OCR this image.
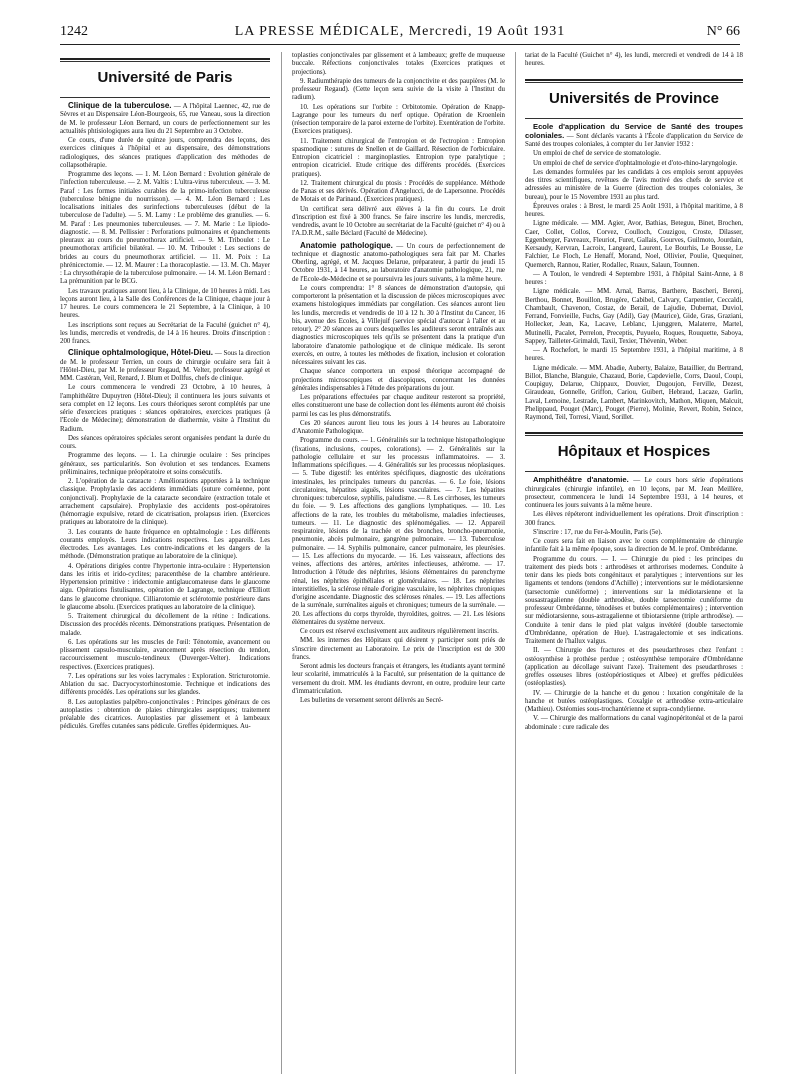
1242	LA PRESSE MÉDICALE, Mercredi, 19 Août 1931	N° 66
Université de Paris

Clinique de la tuberculose. — A l'hôpital Laennec, 42, rue de Sèvres et au Dispensaire Léon-Bourgeois, 65, rue Vaneau, sous la direction de M. le professeur Léon Bernard, un cours de perfectionnement sur les actualités phtisiologiques aura lieu du 21 Septembre au 3 Octobre.

Ce cours, d'une durée de quinze jours, comprendra des leçons, des exercices cliniques à l'hôpital et au dispensaire, des démonstrations radiologiques, des séances pratiques d'application des méthodes de collapsothérapie.

Programme des leçons. — 1. M. Léon Bernard : Evolution générale de l'infection tuberculeuse. — 2. M. Valtis : L'ultra-virus tuberculeux. — 3. M. Paraf : Les formes initiales curables de la primo-infection tuberculeuse (tuberculose bénigne du nourrisson). — 4. M. Léon Bernard : Les localisations initiales des surinfections tuberculeuses (début de la tuberculose de l'adulte). — 5. M. Lamy : Le problème des granulies. — 6. M. Paraf : Les pneumonies tuberculeuses. — 7. M. Marie : Le lipiodo-diagnostic. — 8. M. Pellissier : Perforations pulmonaires et épanchements pleuraux au cours du pneumothorax artificiel. — 9. M. Triboulet : Le pneumothorax artificiel bilatéral. — 10. M. Triboulet : Les sections de brides au cours du pneumothorax artificiel. — 11. M. Poix : La phrénicectomie. — 12. M. Maurer : La thoracoplastie. — 13. M. Ch. Mayer : La chrysothérapie de la tuberculose pulmonaire. — 14. M. Léon Bernard : La prémunition par le BCG.

Les travaux pratiques auront lieu, à la Clinique, de 10 heures à midi. Les leçons auront lieu, à la Salle des Conférences de la Clinique, chaque jour à 17 heures. Le cours commencera le 21 Septembre, à la Clinique, à 10 heures.

Les inscriptions sont reçues au Secrétariat de la Faculté (guichet n° 4), les lundis, mercredis et vendredis, de 14 à 16 heures. Droits d'inscription : 200 francs.

Clinique ophtalmologique, Hôtel-Dieu. — Sous la direction de M. le professeur Terrien, un cours de chirurgie oculaire sera fait à l'Hôtel-Dieu, par M. le professeur Regaud, M. Velter, professeur agrégé et MM. Castéran, Veil, Renard, J. Blum et Dollfus, chefs de clinique.

Le cours commencera le vendredi 23 Octobre, à 10 heures, à l'amphithéâtre Dupuytren (Hôtel-Dieu); il continuera les jours suivants et sera complet en 12 leçons. Les cours théoriques seront complétés par une série d'exercices pratiques : séances opératoires, exercices pratiques (à l'Ecole de Médecine); démonstration de diathermie, visite à l'Institut du Radium.

Des séances opératoires spéciales seront organisées pendant la durée du cours.

Programme des leçons. — 1. La chirurgie oculaire : Ses principes généraux, ses particularités. Son évolution et ses tendances. Examens préliminaires, technique préopératoire et soins consécutifs.

2. L'opération de la cataracte : Améliorations apportées à la technique classique. Prophylaxie des accidents immédiats (suture cornéenne, pont conjonctival). Prophylaxie de la cataracte secondaire (extraction totale et arrachement capsulaire). Prophylaxie des accidents post-opératoires (hémorragie expulsive, retard de cicatrisation, prolapsus irien. (Exercices pratiques au laboratoire de la clinique).

3. Les courants de haute fréquence en ophtalmologie : Les différents courants employés. Leurs indications respectives. Les appareils. Les électrodes. Les avantages. Les contre-indications et les dangers de la méthode. (Démonstration pratique au laboratoire de la clinique).

4. Opérations dirigées contre l'hypertonie intra-oculaire : Hypertension dans les iritis et irido-cyclites; paracenthèse de la chambre antérieure. Hypertension primitive : iridectomie antiglaucomateuse dans le glaucome aigu. Opérations fistulisantes, opération de Lagrange, technique d'Elliott dans le glaucome chronique. Cilliarotomie et sclérotomie postérieure dans le glaucome absolu. (Exercices pratiques au laboratoire de la clinique).

5. Traitement chirurgical du décollement de la rétine : Indications. Discussion des procédés récents. Démonstrations pratiques. Présentation de malade.

6. Les opérations sur les muscles de l'œil: Ténotomie, avancement ou plissement capsulo-musculaire, avancement après résection du tendon, raccourcissement musculo-tendineux (Duverger-Velter). Indications respectives. (Exercices pratiques).

7. Les opérations sur les voies lacrymales : Exploration. Stricturotomie. Ablation du sac. Dacryocystorhinostomie. Technique et indications des différents procédés. Les opérations sur les glandes.

8. Les autoplasties palpébro-conjonctivales : Principes généraux de ces autoplasties : obtention de plaies chirurgicales aseptiques; traitement préalable des cicatrices. Autoplasties par glissement et à lambeaux pédiculés. Greffes cutanées sans pédicule. Greffes épidermiques. Au-

toplasties conjonctivales par glissement et à lambeaux; greffe de muqueuse buccale. Réfections conjonctivales totales (Exercices pratiques et projections).

9. Radiumthérapie des tumeurs de la conjonctivite et des paupières (M. le professeur Regaud). (Cette leçon sera suivie de la visite à l'Institut du radium).

10. Les opérations sur l'orbite : Orbitotomie. Opération de Knapp-Lagrange pour les tumeurs du nerf optique. Opération de Kroenlein (résection temporaire de la paroi externe de l'orbite). Exentération de l'orbite. (Exercices pratiques).

11. Traitement chirurgical de l'entropion et de l'ectropion : Entropion spasmodique : sutures de Snellen et de Gaillard. Résection de l'orbiculaire. Entropion cicatriciel : marginoplasties. Entropion type paralytique ; entropion cicatriciel. Etude critique des différents procédés. (Exercices pratiques).

12. Traitement chirurgical du ptosis : Procédés de suppléance. Méthode de Panas et ses dérivés. Opération d'Angelucci, de de Lapersonne. Procédés de Motais et de Parinaud. (Exercices pratiques).

Un certificat sera délivré aux élèves à la fin du cours. Le droit d'inscription est fixé à 300 francs. Se faire inscrire les lundis, mercredis, vendredis, avant le 10 Octobre au secrétariat de la Faculté (guichet n° 4) ou à l'A.D.R.M., salle Béclard (Faculté de Médecine).

Anatomie pathologique. — Un cours de perfectionnement de technique et diagnostic anatomo-pathologiques sera fait par M. Charles Oberling, agrégé, et M. Jacques Delarue, préparateur, à partir du jeudi 15 Octobre 1931, à 14 heures, au laboratoire d'anatomie pathologique, 21, rue de l'Ecole-de-Médecine et se poursuivra les jours suivants, à la même heure.

Le cours comprendra: 1° 8 séances de démonstration d'autopsie, qui comporteront la présentation et la discussion de pièces microscopiques avec examens histologiques immédiats par congélation. Ces séances auront lieu les lundis, mercredis et vendredis de 10 à 12 h. 30 à l'Institut du Cancer, 16 bis, avenue des Ecoles, à Villejuif (service spécial d'autocar à l'aller et au retour). 2° 20 séances au cours desquelles les auditeurs seront entraînés aux diagnostics microscopiques tels qu'ils se présentent dans la pratique d'un laboratoire d'anatomie pathologique et de clinique médicale. Ils seront exercés, en outre, à toutes les méthodes de fixation, inclusion et coloration nécessaires suivant les cas.

Chaque séance comportera un exposé théorique accompagné de projections microscopiques et diascopiques, concernant les données générales indispensables à l'étude des préparations du jour.

Les préparations effectuées par chaque auditeur resteront sa propriété, elles constitueront une base de collection dont les éléments auront été choisis parmi les cas les plus démonstratifs.

Ces 20 séances auront lieu tous les jours à 14 heures au Laboratoire d'Anatomie Pathologique.

Programme du cours. — 1. Généralités sur la technique histopathologique (fixations, inclusions, coupes, colorations). — 2. Généralités sur la pathologie cellulaire et sur les processus inflammatoires. — 3. Inflammations spécifiques. — 4. Généralités sur les processus néoplasiques. — 5. Tube digestif: les entérites spécifiques, diagnostic des ulcérations intestinales, les principales tumeurs du pancréas. — 6. Le foie, lésions circulatoires, hépatites aiguës, lésions vasculaires. — 7. Les hépatites chroniques: tuberculose, syphilis, paludisme. — 8. Les cirrhoses, les tumeurs du foie. — 9. Les affections des ganglions lymphatiques. — 10. Les affections de la rate, les troubles du métabolisme, maladies infectieuses, tumeurs. — 11. Le diagnostic des splénomégalies. — 12. Appareil respiratoire, lésions de la trachée et des bronches, broncho-pneumonie, pneumonie, abcès pulmonaire, gangrène pulmonaire. — 13. Tuberculose pulmonaire. — 14. Syphilis pulmonaire, cancer pulmonaire, les pleurésies. — 15. Les affections du myocarde. — 16. Les vaisseaux, affections des veines, affections des artères, artérites infectieuses, athérome. — 17. Introduction à l'étude des néphrites, lésions élémentaires du parenchyme rénal, les néphrites épithéliales et glomérulaires. — 18. Les néphrites interstitielles, la sclérose rénale d'origine vasculaire, les néphrites chroniques d'origine ascendante. Diagnostic des scléroses rénales. — 19. Les affections de la surrénale, surrénalites aiguës et chroniques; tumeurs de la surrénale. — 20. Les affections du corps thyroïde, thyroïdites, goitres. — 21. Les lésions élémentaires du système nerveux.

Ce cours est réservé exclusivement aux auditeurs régulièrement inscrits.

MM. les internes des Hôpitaux qui désirent y participer sont priés de s'inscrire directement au Laboratoire. Le prix de l'inscription est de 300 francs.

Seront admis les docteurs français et étrangers, les étudiants ayant terminé leur scolarité, immatriculés à la Faculté, sur présentation de la quittance de versement du droit. MM. les étudiants devront, en outre, produire leur carte d'immatriculation.

Les bulletins de versement seront délivrés au Secré-

tariat de la Faculté (Guichet n° 4), les lundi, mercredi et vendredi de 14 à 18 heures.

Universités de Province

Ecole d'application du Service de Santé des troupes coloniales. — Sont déclarés vacants à l'École d'application du Service de Santé des troupes coloniales, à compter du 1er Janvier 1932 :

Un emploi de chef de service de stomatologie.

Un emploi de chef de service d'ophtalmologie et d'oto-rhino-laryngologie.

Les demandes formulées par les candidats à ces emplois seront appuyées des titres scientifiques, revêtues de l'avis motivé des chefs de service et adressées au ministère de la Guerre (direction des troupes coloniales, 3e bureau), pour le 15 Novembre 1931 au plus tard.

Épreuves orales : à Brest, le mardi 25 Août 1931, à l'hôpital maritime, à 8 heures.

Ligne médicale. — MM. Agier, Avor, Bathias, Beteguu, Binet, Brochen, Caer, Collet, Collos, Corvez, Coulloch, Couzigou, Croste, Dilasser, Eggenberger, Favreaux, Fleuriot, Furet, Gallais, Gourves, Guilmoto, Jourdain, Kersaudy, Kervran, Lacroix, Langeard, Laurent, Le Bourhis, Le Bousse, Le Falchier, Le Floch, Le Henaff, Morand, Noel, Ollivier, Poulie, Quequiner, Quemerch, Rannou, Ratier, Rodallec, Ruaux, Salaun, Tounnen.

— A Toulon, le vendredi 4 Septembre 1931, à l'hôpital Saint-Anne, à 8 heures :

Ligne médicale. — MM. Arnal, Barras, Barthere, Bascheri, Berenj, Berthou, Bonnet, Bouillon, Brugère, Cabibel, Calvary, Carpentier, Ceccaldi, Chambault, Chavenon, Costaz, de Berail, de Lajudie, Dubernat, Duviol, Ferrand, Fonvieille, Fuchs, Gay (Adil), Gay (Maurice), Gide, Gras, Graziani, Hollecker, Jean, Ka, Lacave, Leblanc, Ljunggren, Malaterre, Martel, Mutinelli, Pacalet, Perrelon, Preceptis, Puyuelo, Roques, Rouquette, Saboya, Sappey, Tailleter-Grimaldi, Taxil, Texier, Thévenin, Weber.

— A Rochefort, le mardi 15 Septembre 1931, à l'hôpital maritime, à 8 heures.

Ligne médicale. — MM. Abadie, Auberty, Balaize, Bataillier, du Bertrand, Billot, Blanche, Blanguie, Chazaud, Borie, Capdevielle, Corrs, Daoul, Coupi, Coupiguy, Delarue, Chippaux, Douvier, Dugoujon, Ferville, Dezest, Giraudeau, Gonnelle, Griffon, Cariou, Guibert, Hebraud, Lacaze, Garlin, Laval, Lemoine, Lestrade, Lambert, Marinkovitch, Mathon, Miquen, Malcuit, Phelippaud, Pouget (Marc), Pouget (Pierre), Molinie, Revert, Robin, Seince, Raymond, Teil, Torresi, Viaud, Sorillet.

Hôpitaux et Hospices

Amphithéâtre d'anatomie. — Le cours hors série d'opérations chirurgicales (chirurgie infantile), en 10 leçons, par M. Jean Meillère, prosecteur, commencera le lundi 14 Septembre 1931, à 14 heures, et continuera les jours suivants à la même heure.

Les élèves répéteront individuellement les opérations. Droit d'inscription : 300 francs.

S'inscrire : 17, rue du Fer-à-Moulin, Paris (5e).

Ce cours sera fait en liaison avec le cours complémentaire de chirurgie infantile fait à la même époque, sous la direction de M. le prof. Ombrédanne.

Programme du cours. — I. — Chirurgie du pied : les principes du traitement des pieds bots : arthrodèses et arthrorises modernes. Conduite à tenir dans les pieds bots congénitaux et paralytiques ; interventions sur les ligaments et tendons (tendons d'Achille) ; interventions sur le médiotarsienne (tarsectomie cunéiforme) ; interventions sur la médiotarsienne et la sousastragalienne (double arthrodèse, double tarsectomie cunéiforme du professeur Ombrédanne, ténodèses et butées complémentaires) ; intervention sur médiotarsienne, sous-astragalienne et tibiotarsienne (triple arthrodèse). — Conduite à tenir dans le pied plat valgus invétéré (double tarsectomie d'Ombrédanne, opération de Hue). L'astragalectomie et ses indications. Traitement de l'hallux valgus.

II. — Chirurgie des fractures et des pseudarthroses chez l'enfant : ostéosynthèse à prothèse perdue ; ostéosynthèse temporaire d'Ombrédanne (application au décollage suivant l'axe). Traitement des pseudarthroses : greffes osseuses libres (ostéopériostiques et Albee) et greffes pédiculées (ostéoplasties).

IV. — Chirurgie de la hanche et du genou : luxation congénitale de la hanche et butées ostéoplastiques. Coxalgie et arthrodèse extra-articulaire (Mathieu). Ostéomies sous-trochantérienne et supra-condylienne.

V. — Chirurgie des malformations du canal vaginopéritonéal et de la paroi abdominale : cure radicale des
